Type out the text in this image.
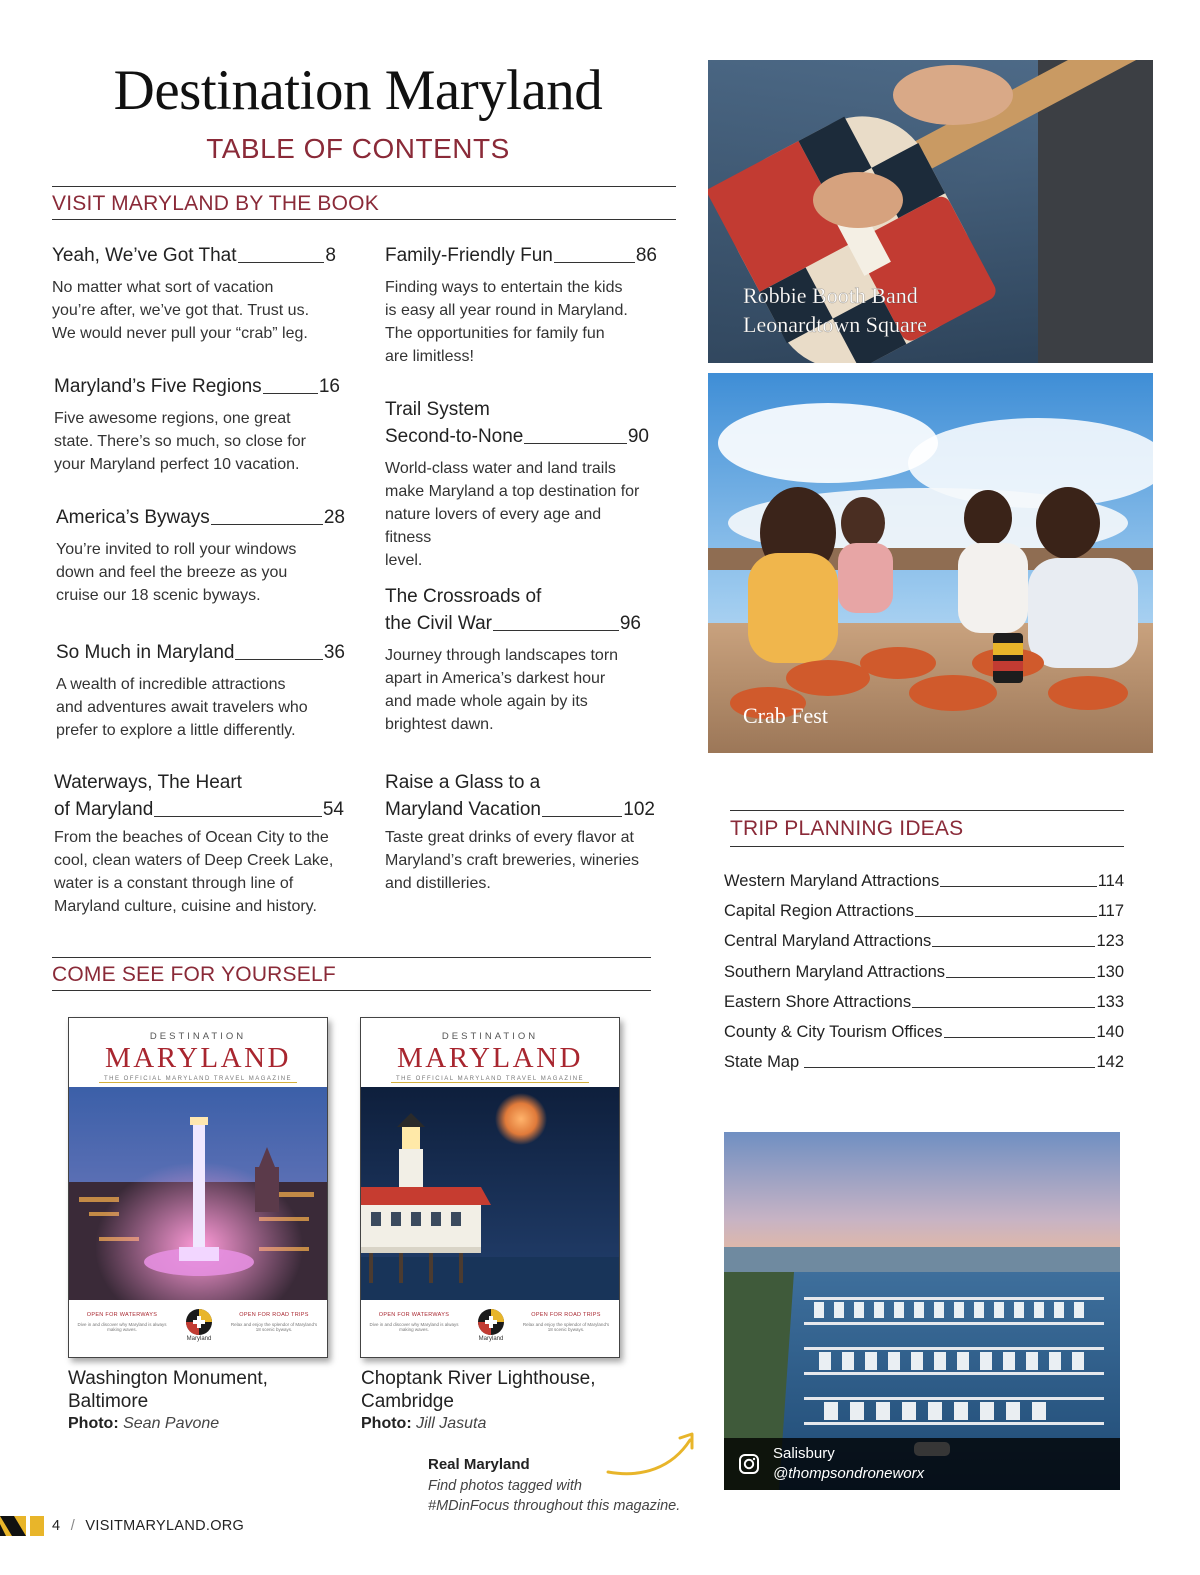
Destination Maryland
TABLE OF CONTENTS
VISIT MARYLAND BY THE BOOK
Yeah, We’ve Got That	8
No matter what sort of vacation
you’re after, we’ve got that. Trust us.
We would never pull your “crab” leg.
Maryland’s Five Regions	16
Five awesome regions, one great
state. There’s so much, so close for
your Maryland perfect 10 vacation.
America’s Byways	28
You’re invited to roll your windows
down and feel the breeze as you
cruise our 18 scenic byways.
So Much in Maryland	36
A wealth of incredible attractions
and adventures await travelers who
prefer to explore a little differently.
Waterways, The Heart
of Maryland	54
From the beaches of Ocean City to the
cool, clean waters of Deep Creek Lake,
water is a constant through line of
Maryland culture, cuisine and history.
Family-Friendly Fun	86
Finding ways to entertain the kids
is easy all year round in Maryland.
The opportunities for family fun
are limitless!
Trail System
Second-to-None	90
World-class water and land trails
make Maryland a top destination for
nature lovers of every age and fitness
level.
The Crossroads of
the Civil War	96
Journey through landscapes torn
apart in America’s darkest hour
and made whole again by its
brightest dawn.
Raise a Glass to a
Maryland Vacation	102
Taste great drinks of every flavor at
Maryland’s craft breweries, wineries
and distilleries.
Robbie Booth Band
Leonardtown Square
Crab Fest
TRIP PLANNING IDEAS
Western Maryland Attractions	114
Capital Region Attractions	117
Central Maryland Attractions	123
Southern Maryland Attractions	130
Eastern Shore Attractions	133
County & City Tourism Offices	140
State Map	142
COME SEE FOR YOURSELF
DESTINATION
MARYLAND
THE OFFICIAL MARYLAND TRAVEL MAGAZINE
OPEN FOR WATERWAYS
Dive in and discover why Maryland is always making waves.
Maryland
OPEN FOR ROAD TRIPS
Relax and enjoy the splendor of Maryland’s 18 scenic byways.
DESTINATION
MARYLAND
THE OFFICIAL MARYLAND TRAVEL MAGAZINE
OPEN FOR WATERWAYS
Dive in and discover why Maryland is always making waves.
Maryland
OPEN FOR ROAD TRIPS
Relax and enjoy the splendor of Maryland’s 18 scenic byways.
Washington Monument,
Baltimore
Photo: Sean Pavone
Choptank River Lighthouse,
Cambridge
Photo: Jill Jasuta
Real Maryland
Find photos tagged with
#MDinFocus throughout this magazine.
Salisbury
@thompsondroneworx
4 / VISITMARYLAND.ORG
